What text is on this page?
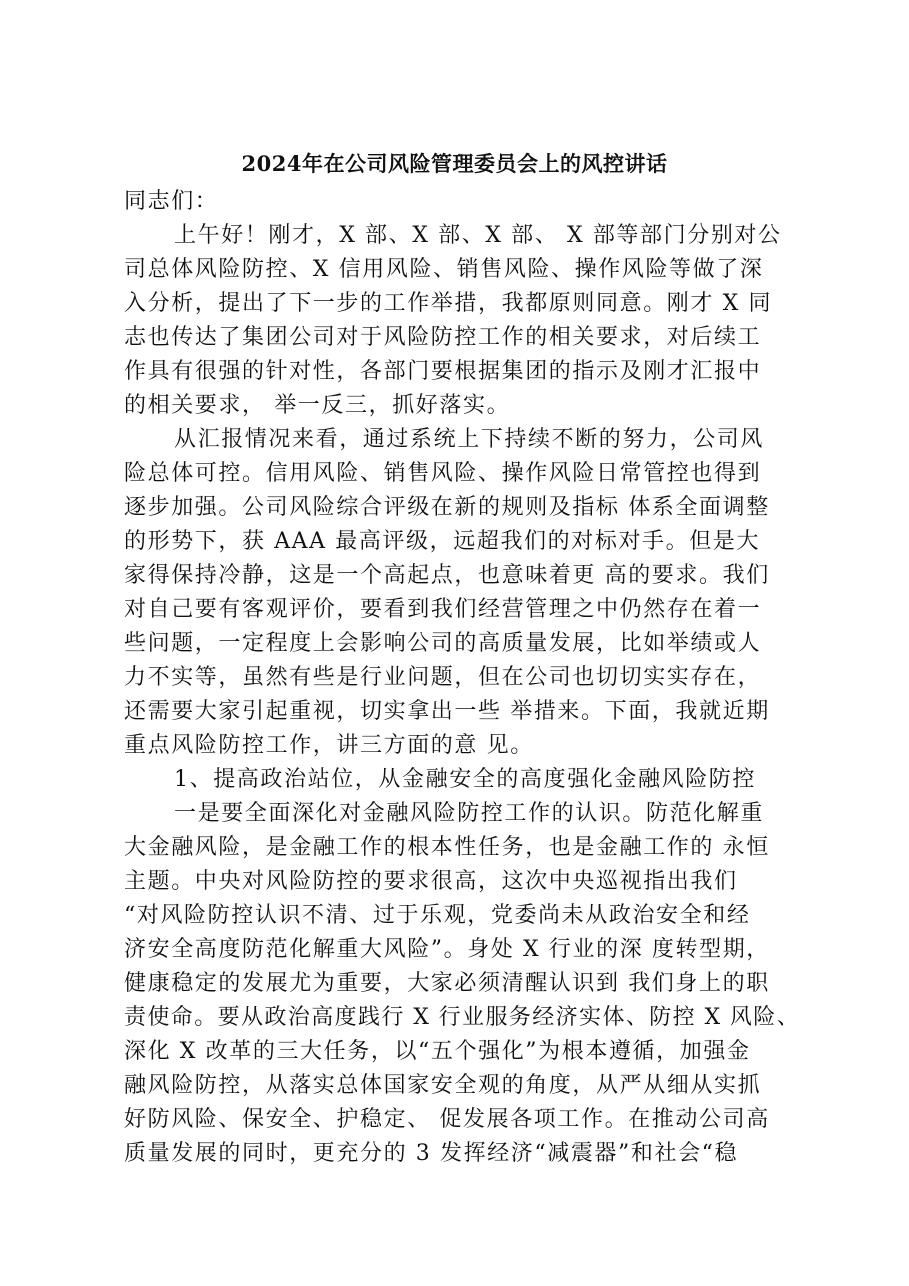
2024年在公司风险管理委员会上的风控讲话
同志们：
上午好！刚才，X 部、X 部、X 部、 X 部等部门分别对公
司总体风险防控、X 信用风险、销售风险、操作风险等做了深
入分析，提出了下一步的工作举措，我都原则同意。刚才 X 同
志也传达了集团公司对于风险防控工作的相关要求，对后续工
作具有很强的针对性，各部门要根据集团的指示及刚才汇报中
的相关要求， 举一反三，抓好落实。
从汇报情况来看，通过系统上下持续不断的努力，公司风
险总体可控。信用风险、销售风险、操作风险日常管控也得到
逐步加强。公司风险综合评级在新的规则及指标 体系全面调整
的形势下，获 AAA 最高评级，远超我们的对标对手。但是大
家得保持冷静，这是一个高起点，也意味着更 高的要求。我们
对自己要有客观评价，要看到我们经营管理之中仍然存在着一
些问题，一定程度上会影响公司的高质量发展，比如举绩或人
力不实等，虽然有些是行业问题，但在公司也切切实实存在，
还需要大家引起重视，切实拿出一些 举措来。下面，我就近期
重点风险防控工作，讲三方面的意 见。
1、提高政治站位，从金融安全的高度强化金融风险防控
一是要全面深化对金融风险防控工作的认识。防范化解重
大金融风险，是金融工作的根本性任务，也是金融工作的 永恒
主题。中央对风险防控的要求很高，这次中央巡视指出我们
“对风险防控认识不清、过于乐观，党委尚未从政治安全和经
济安全高度防范化解重大风险”。身处 X 行业的深 度转型期，
健康稳定的发展尤为重要，大家必须清醒认识到 我们身上的职
责使命。要从政治高度践行 X 行业服务经济实体、防控 X 风险、
深化 X 改革的三大任务，以“五个强化”为根本遵循，加强金
融风险防控，从落实总体国家安全观的角度，从严从细从实抓
好防风险、保安全、护稳定、 促发展各项工作。在推动公司高
质量发展的同时，更充分的 3 发挥经济“减震器”和社会“稳
